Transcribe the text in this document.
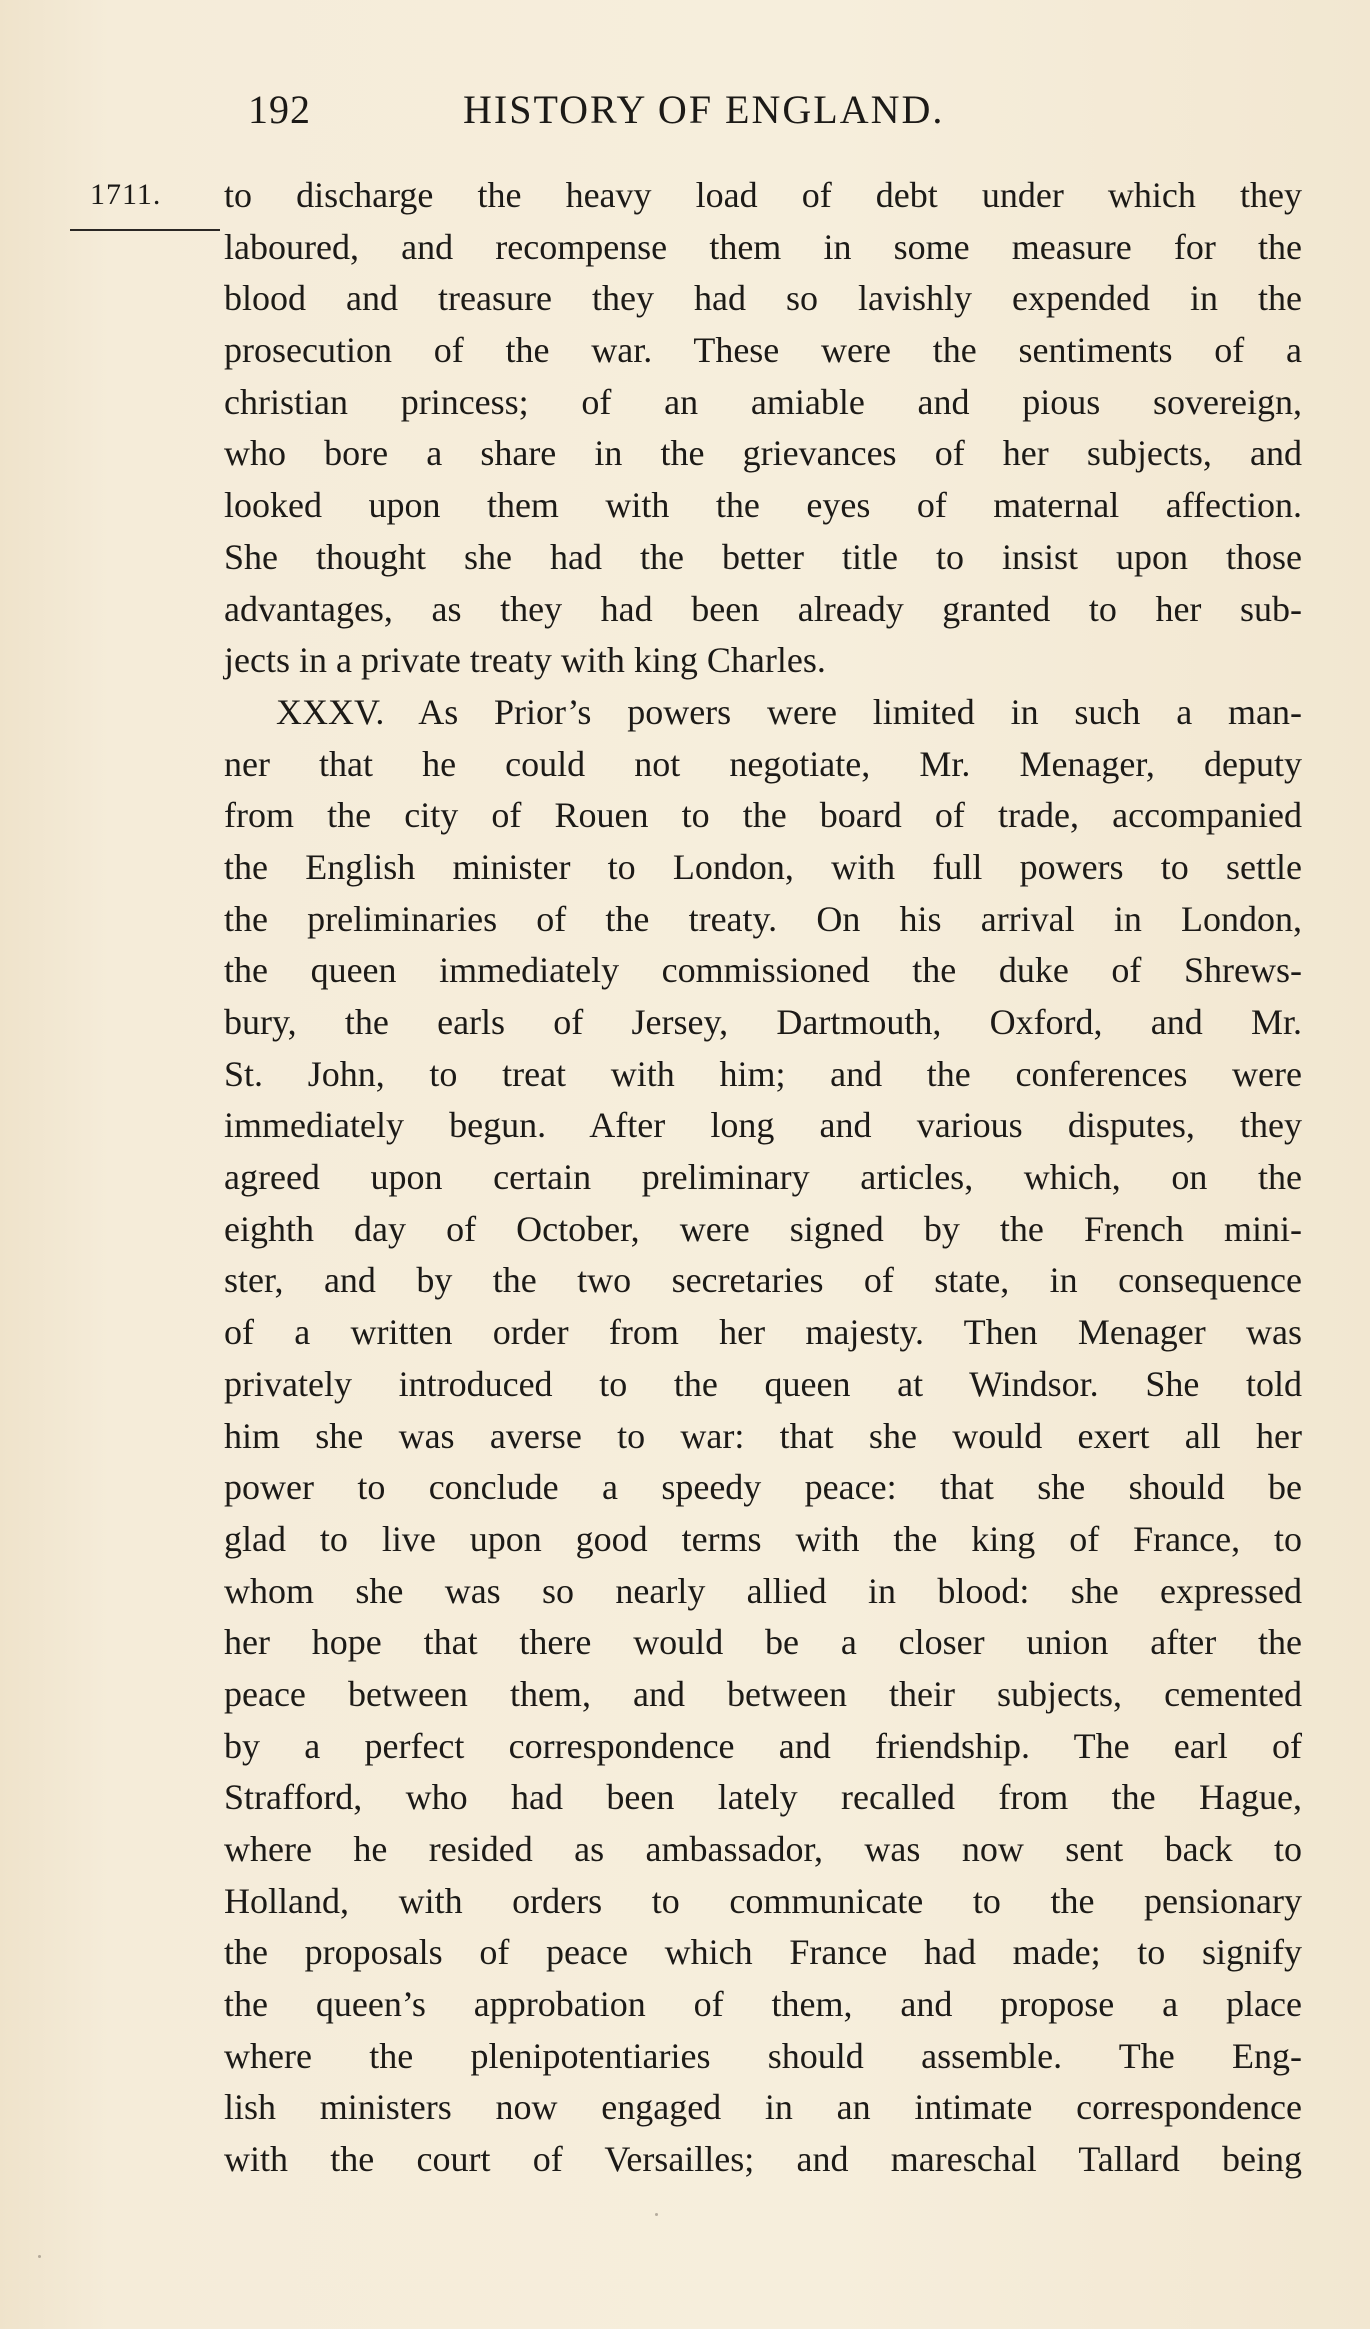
192	HISTORY OF ENGLAND.
1711. to discharge the heavy load of debt under which they
laboured, and recompense them in some measure for the
blood and treasure they had so lavishly expended in the
prosecution of the war. These were the sentiments of a
christian princess; of an amiable and pious sovereign,
who bore a share in the grievances of her subjects, and
looked upon them with the eyes of maternal affection.
She thought she had the better title to insist upon those
advantages, as they had been already granted to her sub-
jects in a private treaty with king Charles.
XXXV. As Prior’s powers were limited in such a man-
ner that he could not negotiate, Mr. Menager, deputy
from the city of Rouen to the board of trade, accompanied
the English minister to London, with full powers to settle
the preliminaries of the treaty. On his arrival in London,
the queen immediately commissioned the duke of Shrews-
bury, the earls of Jersey, Dartmouth, Oxford, and Mr.
St. John, to treat with him; and the conferences were
immediately begun. After long and various disputes, they
agreed upon certain preliminary articles, which, on the
eighth day of October, were signed by the French mini-
ster, and by the two secretaries of state, in consequence
of a written order from her majesty. Then Menager was
privately introduced to the queen at Windsor. She told
him she was averse to war: that she would exert all her
power to conclude a speedy peace: that she should be
glad to live upon good terms with the king of France, to
whom she was so nearly allied in blood: she expressed
her hope that there would be a closer union after the
peace between them, and between their subjects, cemented
by a perfect correspondence and friendship. The earl of
Strafford, who had been lately recalled from the Hague,
where he resided as ambassador, was now sent back to
Holland, with orders to communicate to the pensionary
the proposals of peace which France had made; to signify
the queen’s approbation of them, and propose a place
where the plenipotentiaries should assemble. The Eng-
lish ministers now engaged in an intimate correspondence
with the court of Versailles; and mareschal Tallard being
